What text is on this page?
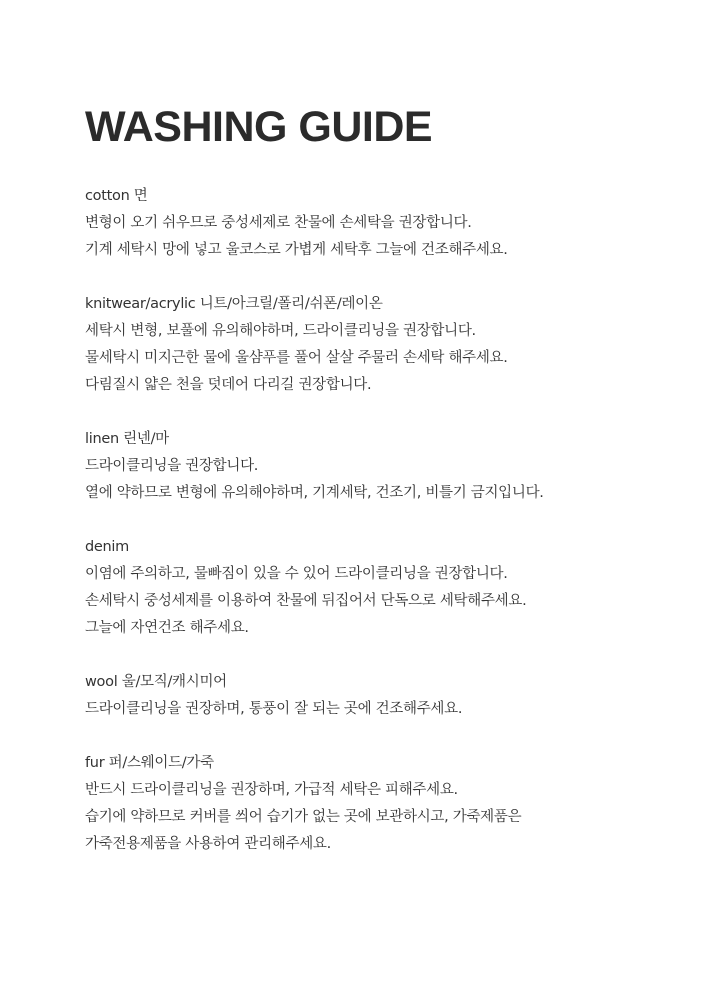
WASHING GUIDE
cotton 면
변형이 오기 쉬우므로 중성세제로 찬물에 손세탁을 권장합니다.
기계 세탁시 망에 넣고 울코스로 가볍게 세탁후 그늘에 건조해주세요.
knitwear/acrylic 니트/아크릴/폴리/쉬폰/레이온
세탁시 변형, 보풀에 유의해야하며, 드라이클리닝을 권장합니다.
물세탁시 미지근한 물에 울샴푸를 풀어 살살 주물러 손세탁 해주세요.
다림질시 얇은 천을 덧데어 다리길 권장합니다.
linen 린넨/마
드라이클리닝을 권장합니다.
열에 약하므로 변형에 유의해야하며, 기계세탁, 건조기, 비틀기 금지입니다.
denim
이염에 주의하고, 물빠짐이 있을 수 있어 드라이클리닝을 권장합니다.
손세탁시 중성세제를 이용하여 찬물에 뒤집어서 단독으로 세탁해주세요.
그늘에 자연건조 해주세요.
wool 울/모직/캐시미어
드라이클리닝을 권장하며, 통풍이 잘 되는 곳에 건조해주세요.
fur 퍼/스웨이드/가죽
반드시 드라이클리닝을 권장하며, 가급적 세탁은 피해주세요.
습기에 약하므로 커버를 씌어 습기가 없는 곳에 보관하시고, 가죽제품은
가죽전용제품을 사용하여 관리해주세요.
